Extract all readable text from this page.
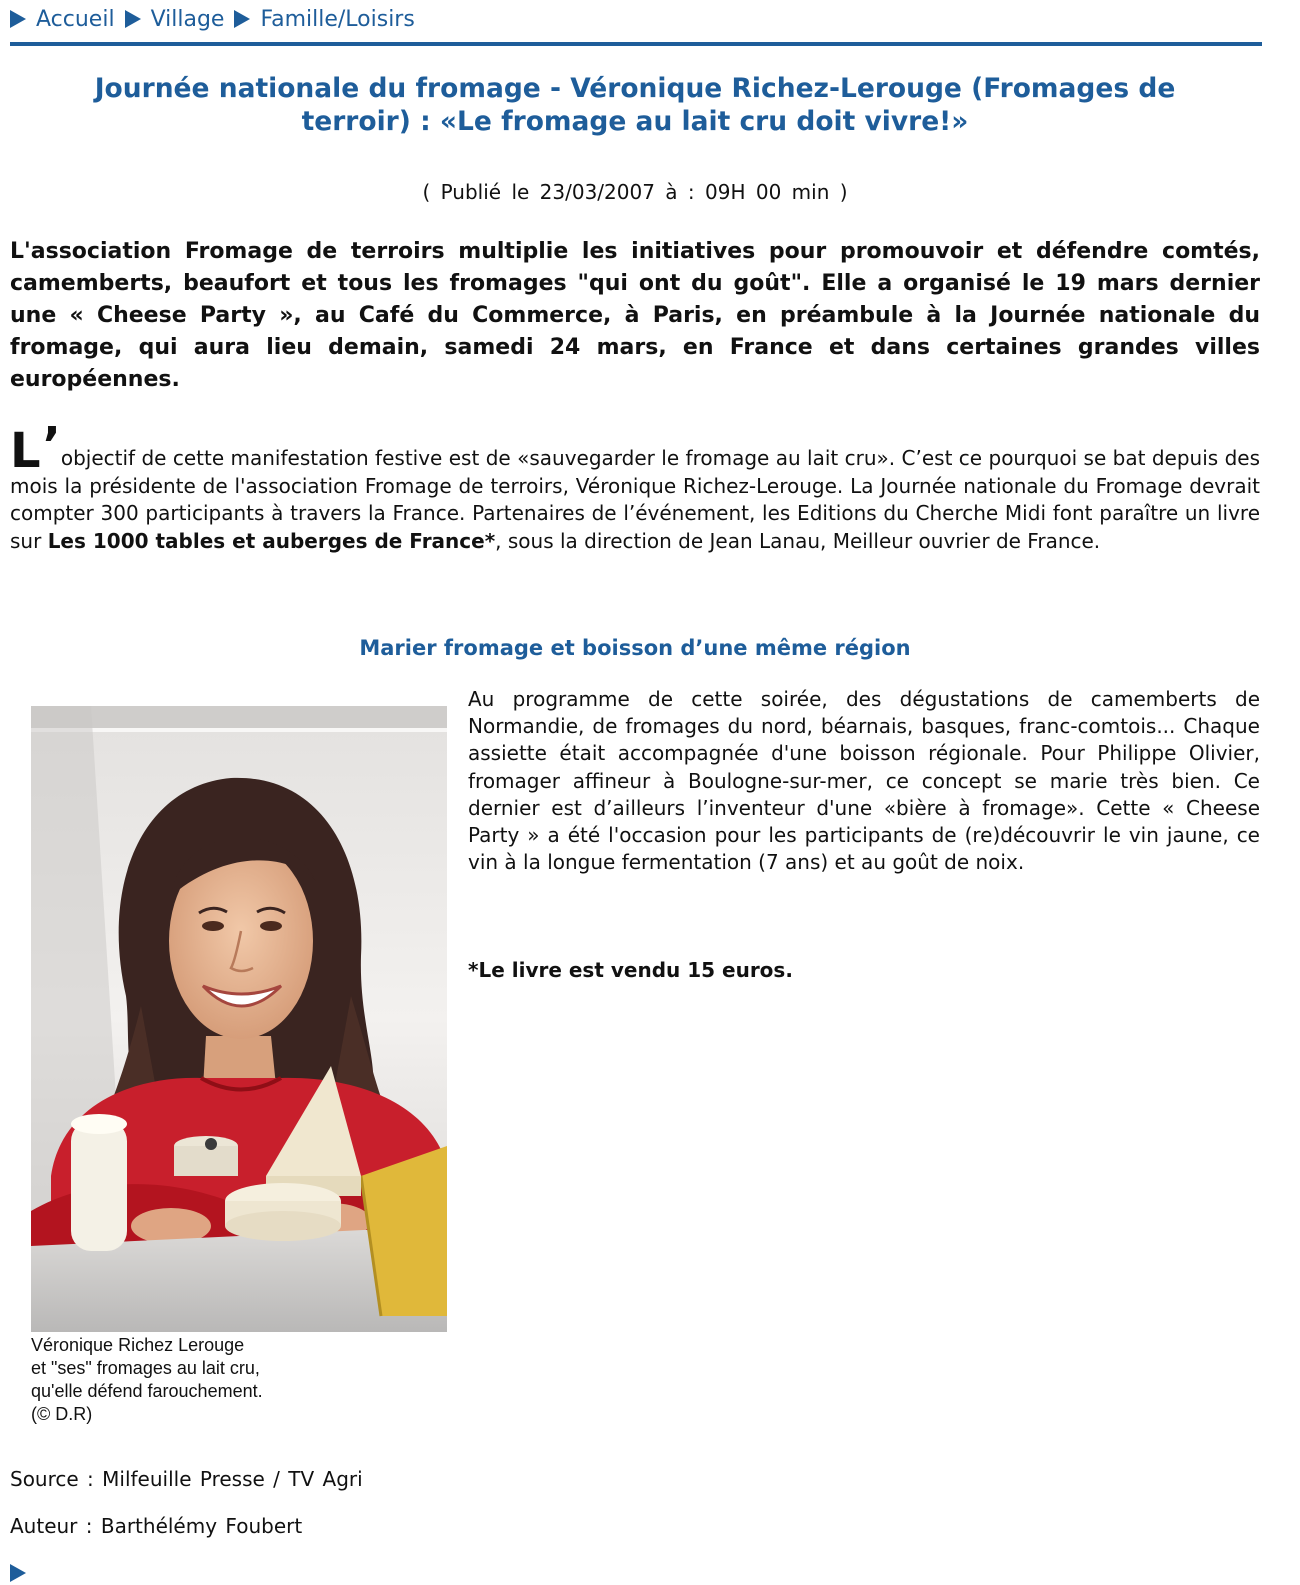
Accueil Village Famille/Loisirs
Journée nationale du fromage - Véronique Richez-Lerouge (Fromages de terroir) : «Le fromage au lait cru doit vivre!»
( Publié le 23/03/2007 à : 09H 00 min )

L'association Fromage de terroirs multiplie les initiatives pour promouvoir et défendre comtés, camemberts, beaufort et tous les fromages "qui ont du goût". Elle a organisé le 19 mars dernier une « Cheese Party », au Café du Commerce, à Paris, en préambule à la Journée nationale du fromage, qui aura lieu demain, samedi 24 mars, en France et dans certaines grandes villes européennes.

L’objectif de cette manifestation festive est de «sauvegarder le fromage au lait cru». C’est ce pourquoi se bat depuis des mois la présidente de l'association Fromage de terroirs, Véronique Richez-Lerouge. La Journée nationale du Fromage devrait compter 300 participants à travers la France. Partenaires de l’événement, les Editions du Cherche Midi font paraître un livre sur Les 1000 tables et auberges de France*, sous la direction de Jean Lanau, Meilleur ouvrier de France.

Marier fromage et boisson d’une même région
Véronique Richez Lerouge
et "ses" fromages au lait cru,
qu'elle défend farouchement.
(© D.R)

Au programme de cette soirée, des dégustations de camemberts de Normandie, de fromages du nord, béarnais, basques, franc-comtois... Chaque assiette était accompagnée d'une boisson régionale. Pour Philippe Olivier, fromager affineur à Boulogne-sur-mer, ce concept se marie très bien. Ce dernier est d’ailleurs l’inventeur d'une «bière à fromage». Cette « Cheese Party » a été l'occasion pour les participants de (re)découvrir le vin jaune, ce vin à la longue fermentation (7 ans) et au goût de noix.

*Le livre est vendu 15 euros.

Source : Milfeuille Presse / TV Agri
Auteur : Barthélémy Foubert
